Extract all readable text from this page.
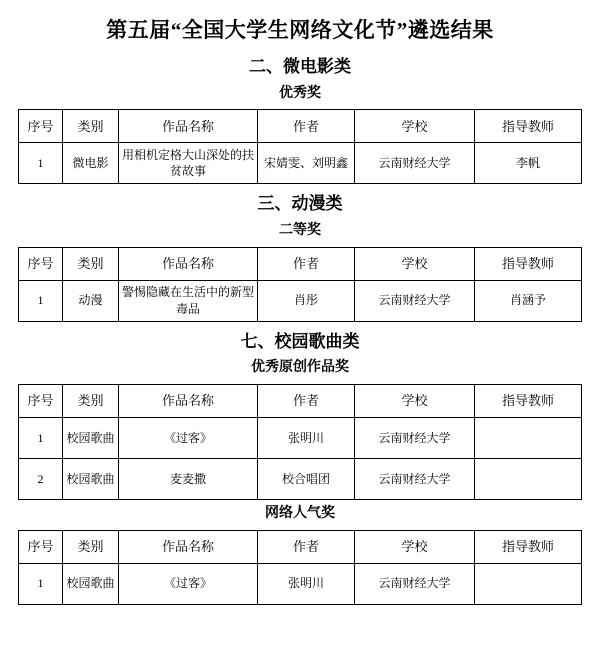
第五届“全国大学生网络文化节”遴选结果
二、微电影类
优秀奖
序号	类别	作品名称	作者	学校	指导教师
1	微电影	用相机定格大山深处的扶贫故事	宋婧雯、刘明鑫	云南财经大学	李帆
三、动漫类
二等奖
序号	类别	作品名称	作者	学校	指导教师
1	动漫	警惕隐藏在生活中的新型毒品	肖彤	云南财经大学	肖涵予
七、校园歌曲类
优秀原创作品奖
序号	类别	作品名称	作者	学校	指导教师
1	校园歌曲	《过客》	张明川	云南财经大学	
2	校园歌曲	麦麦撒	校合唱团	云南财经大学	
网络人气奖
序号	类别	作品名称	作者	学校	指导教师
1	校园歌曲	《过客》	张明川	云南财经大学	
